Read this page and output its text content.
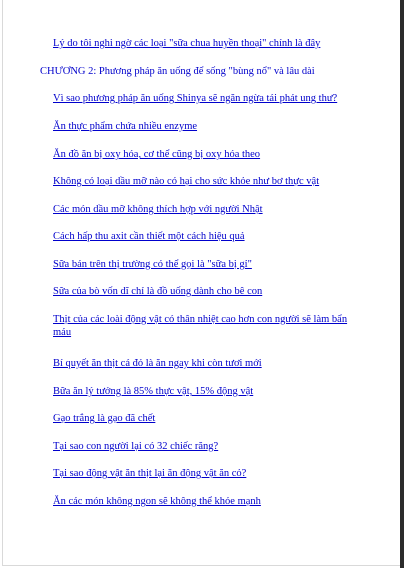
Lý do tôi nghi ngờ các loại "sữa chua huyền thoại" chính là đây
CHƯƠNG 2: Phương pháp ăn uống để sống "bùng nổ" và lâu dài
Vì sao phương pháp ăn uống Shinya sẽ ngăn ngừa tái phát ung thư?
Ăn thực phẩm chứa nhiều enzyme
Ăn đồ ăn bị oxy hóa, cơ thể cũng bị oxy hóa theo
Không có loại dầu mỡ nào có hại cho sức khỏe như bơ thực vật
Các món dầu mỡ không thích hợp với người Nhật
Cách hấp thu axit cần thiết một cách hiệu quả
Sữa bán trên thị trường có thể gọi là "sữa bị gỉ"
Sữa của bò vốn dĩ chỉ là đồ uống dành cho bê con
Thịt của các loài động vật có thân nhiệt cao hơn con người sẽ làm bẩn máu
Bí quyết ăn thịt cá đỏ là ăn ngay khi còn tươi mới
Bữa ăn lý tưởng là 85% thực vật, 15% động vật
Gạo trắng là gạo đã chết
Tại sao con người lại có 32 chiếc răng?
Tại sao động vật ăn thịt lại ăn động vật ăn cỏ?
Ăn các món không ngon sẽ không thể khỏe mạnh
